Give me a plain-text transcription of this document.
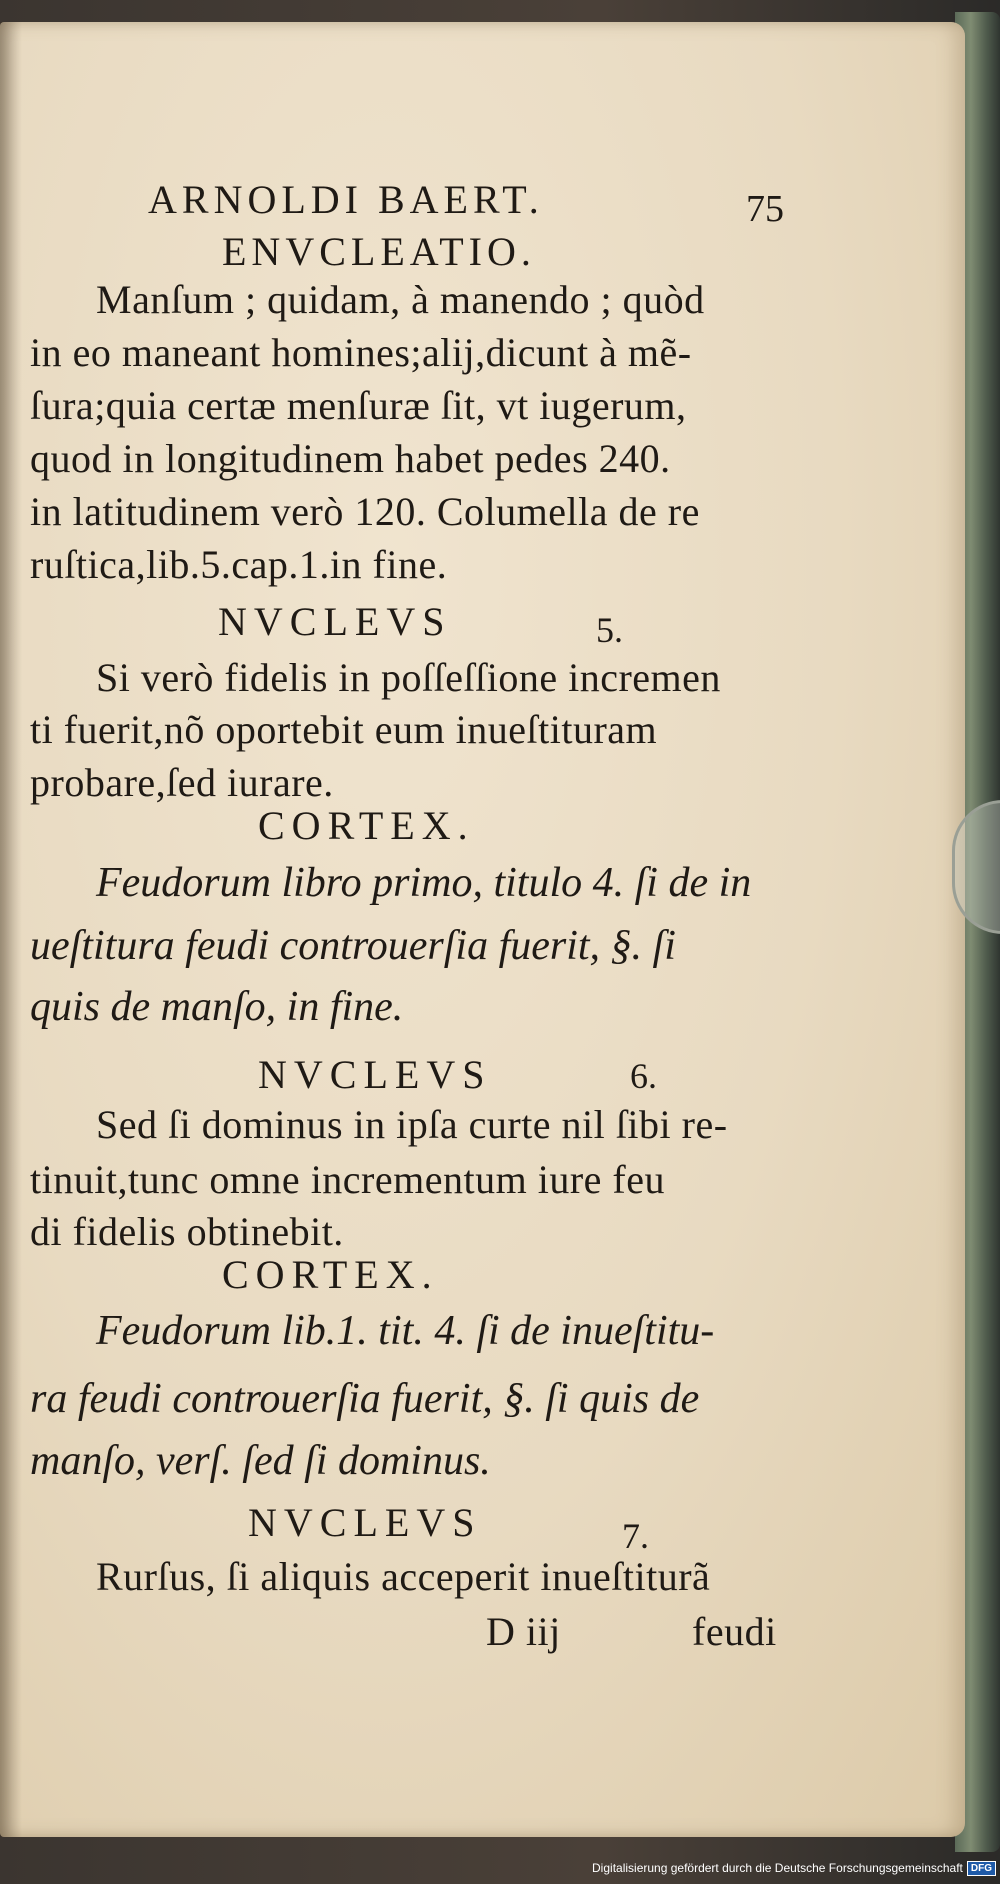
ARNOLDI BAERT.	75
ENVCLEATIO.
Manſum ; quidam, à manendo ; quòd
in eo maneant homines;alij,dicunt à mẽ-
ſura;quia certæ menſuræ ſit, vt iugerum,
quod in longitudinem habet pedes 240.
in latitudinem verò 120. Columella de re
ruſtica,lib.5.cap.1.in fine.
NVCLEVS	5.
Si verò fidelis in poſſeſſione incremen
ti fuerit,nõ oportebit eum inueſtituram
probare,ſed iurare.
CORTEX.
Feudorum libro primo, titulo 4. ſi de in
ueſtitura feudi controuerſia fuerit, §. ſi
quis de manſo, in fine.
NVCLEVS	6.
Sed ſi dominus in ipſa curte nil ſibi re-
tinuit,tunc omne incrementum iure feu
di fidelis obtinebit.
CORTEX.
Feudorum lib.1. tit. 4. ſi de inueſtitu-
ra feudi controuerſia fuerit, §. ſi quis de
manſo, verſ. ſed ſi dominus.
NVCLEVS	7.
Rurſus, ſi aliquis acceperit inueſtiturã
D iij	feudi
Digitalisierung gefördert durch die Deutsche Forschungsgemeinschaft DFG
